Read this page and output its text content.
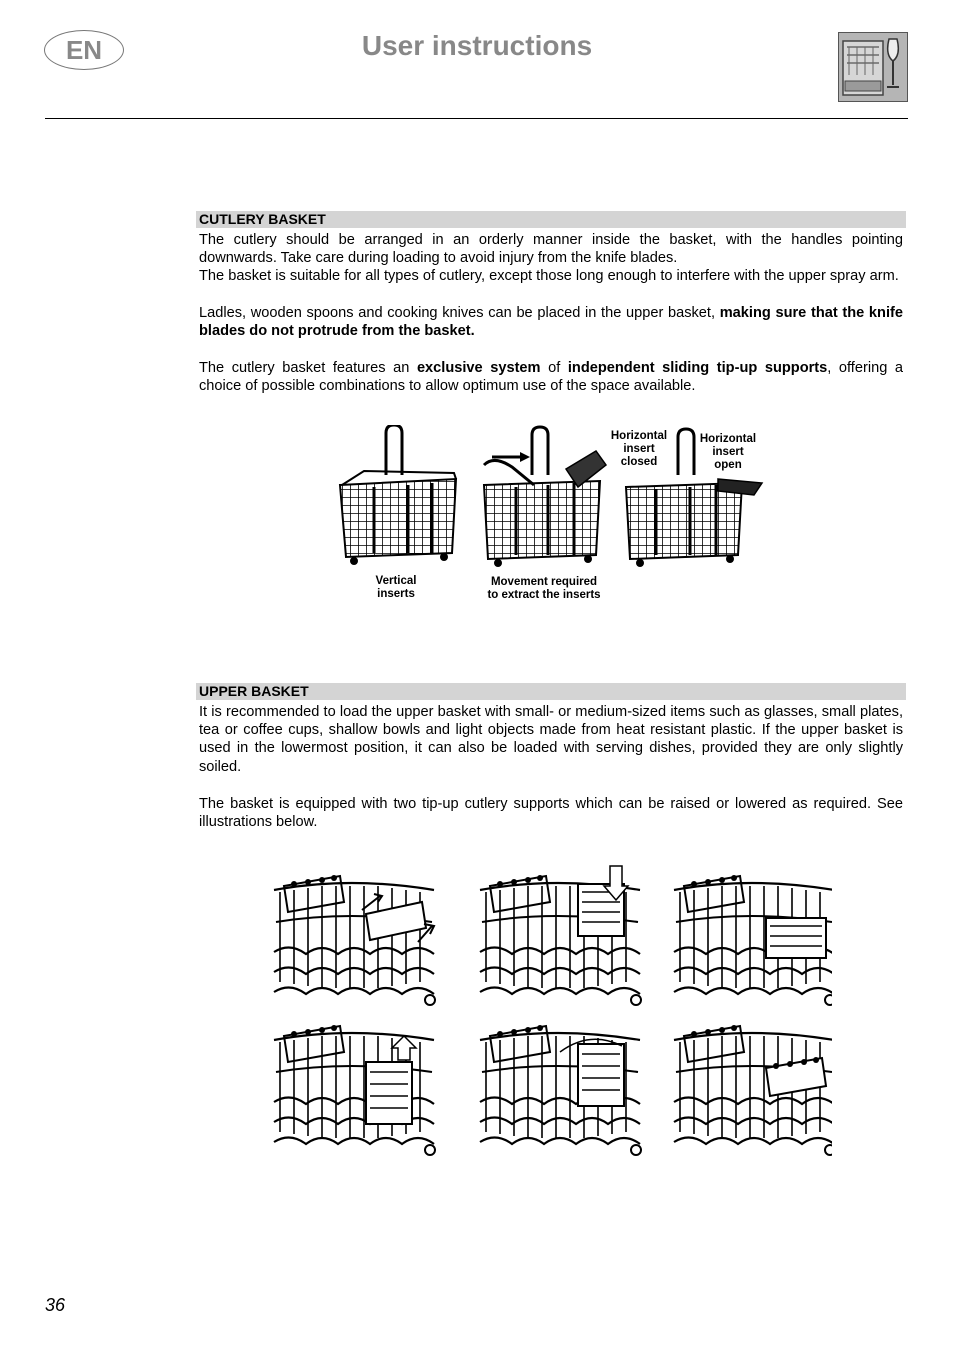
EN	User instructions
CUTLERY BASKET

The cutlery should be arranged in an orderly manner inside the basket, with the handles pointing downwards. Take care during loading to avoid injury from the knife blades.

The basket is suitable for all types of cutlery, except those long enough to interfere with the upper spray arm.

Ladles, wooden spoons and cooking knives can be placed in the upper basket, making sure that the knife blades do not protrude from the basket.

The cutlery basket features an exclusive system of independent sliding tip-up supports, offering a choice of possible combinations to allow optimum use of the space available.

Vertical
inserts
Movement required
to extract the inserts
Horizontal
insert
closed
Horizontal
insert
open
UPPER BASKET

It is recommended to load the upper basket with small- or medium-sized items such as glasses, small plates, tea or coffee cups, shallow bowls and light objects made from heat resistant plastic. If the upper basket is used in the lowermost position, it can also be loaded with serving dishes, provided they are only slightly soiled.

The basket is equipped with two tip-up cutlery supports which can be raised or lowered as required. See illustrations below.

36
